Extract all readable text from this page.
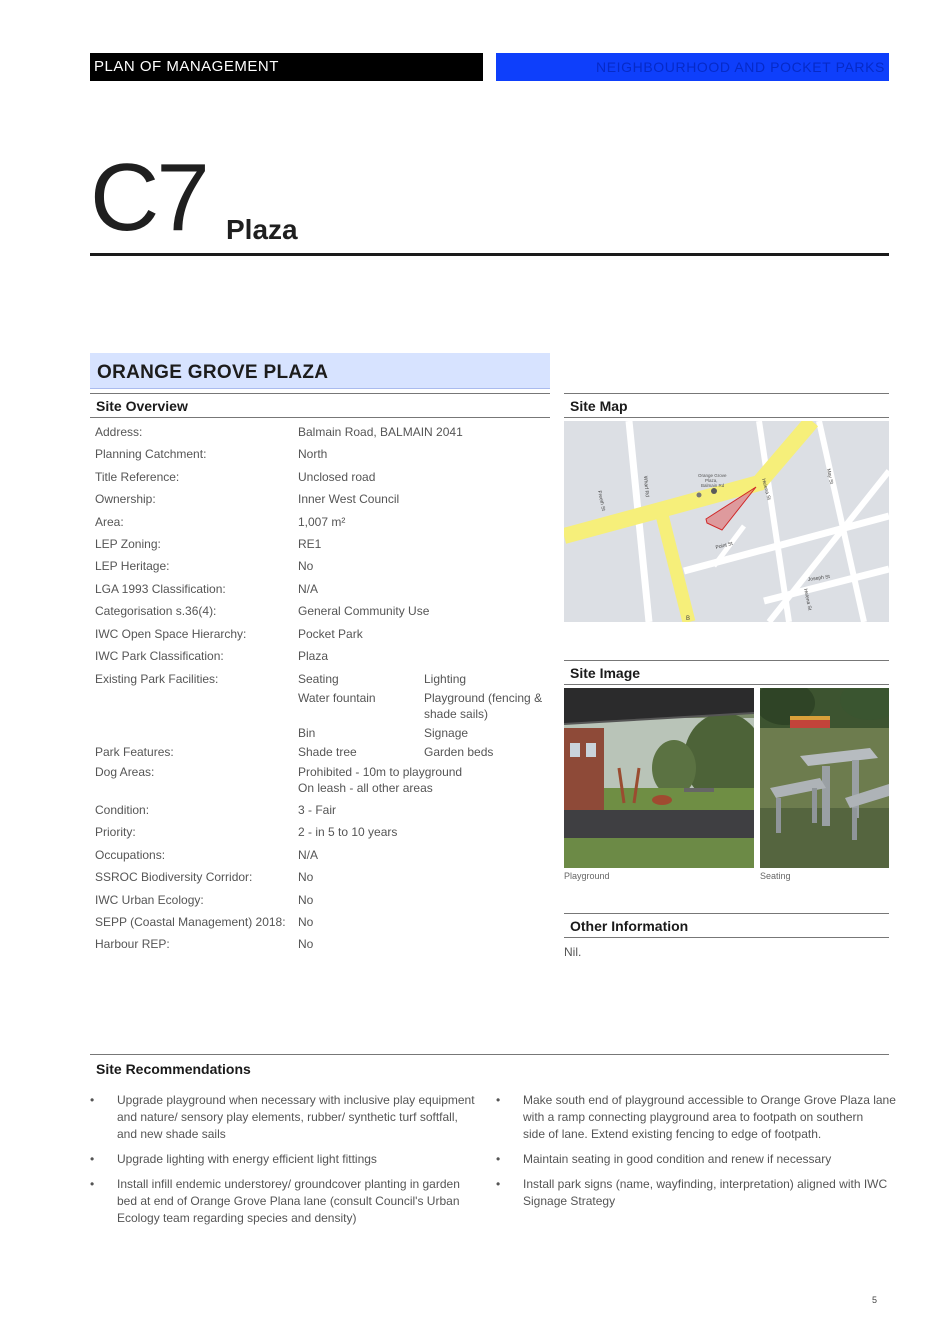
PLAN OF MANAGEMENT	NEIGHBOURHOOD AND POCKET PARKS
C7 Plaza
ORANGE GROVE PLAZA
Site Overview
Address:	Balmain Road, BALMAIN 2041
Planning Catchment:	North
Title Reference:	Unclosed road
Ownership:	Inner West Council
Area:	1,007 m²
LEP Zoning:	RE1
LEP Heritage:	No
LGA 1993 Classification:	N/A
Categorisation s.36(4):	General Community Use
IWC Open Space Hierarchy:	Pocket Park
IWC Park Classification:	Plaza
Existing Park Facilities:	Seating	Lighting
Water fountain	Playground (fencing &
shade sails)
Bin	Signage
Park Features:	Shade tree	Garden beds
Dog Areas:	Prohibited - 10m to playground
On leash - all other areas
Condition:	3 - Fair
Priority:	2 - in 5 to 10 years
Occupations:	N/A
SSROC Biodiversity Corridor:	No
IWC Urban Ecology:	No
SEPP (Coastal Management) 2018: No
Harbour REP:	No
Site Map
Freeth St
Wharf Rd	Helena St
Point St
Joseph St
May St
Helena St
B
Orange Grove
Plaza,
Balmain Rd
Site Image
Playground	Seating
Other Information
Nil.
Site Recommendations
• Upgrade playground when necessary with inclusive play equipment
and nature/ sensory play elements, rubber/ synthetic turf softfall,
and new shade sails
• Upgrade lighting with energy efficient light fittings
• Install infill endemic understorey/ groundcover planting in garden
bed at end of Orange Grove Plana lane (consult Council's Urban
Ecology team regarding species and density)
• Make south end of playground accessible to Orange Grove Plaza lane
with a ramp connecting playground area to footpath on southern
side of lane. Extend existing fencing to edge of footpath.
• Maintain seating in good condition and renew if necessary
• Install park signs (name, wayfinding, interpretation) aligned with IWC
Signage Strategy
5
